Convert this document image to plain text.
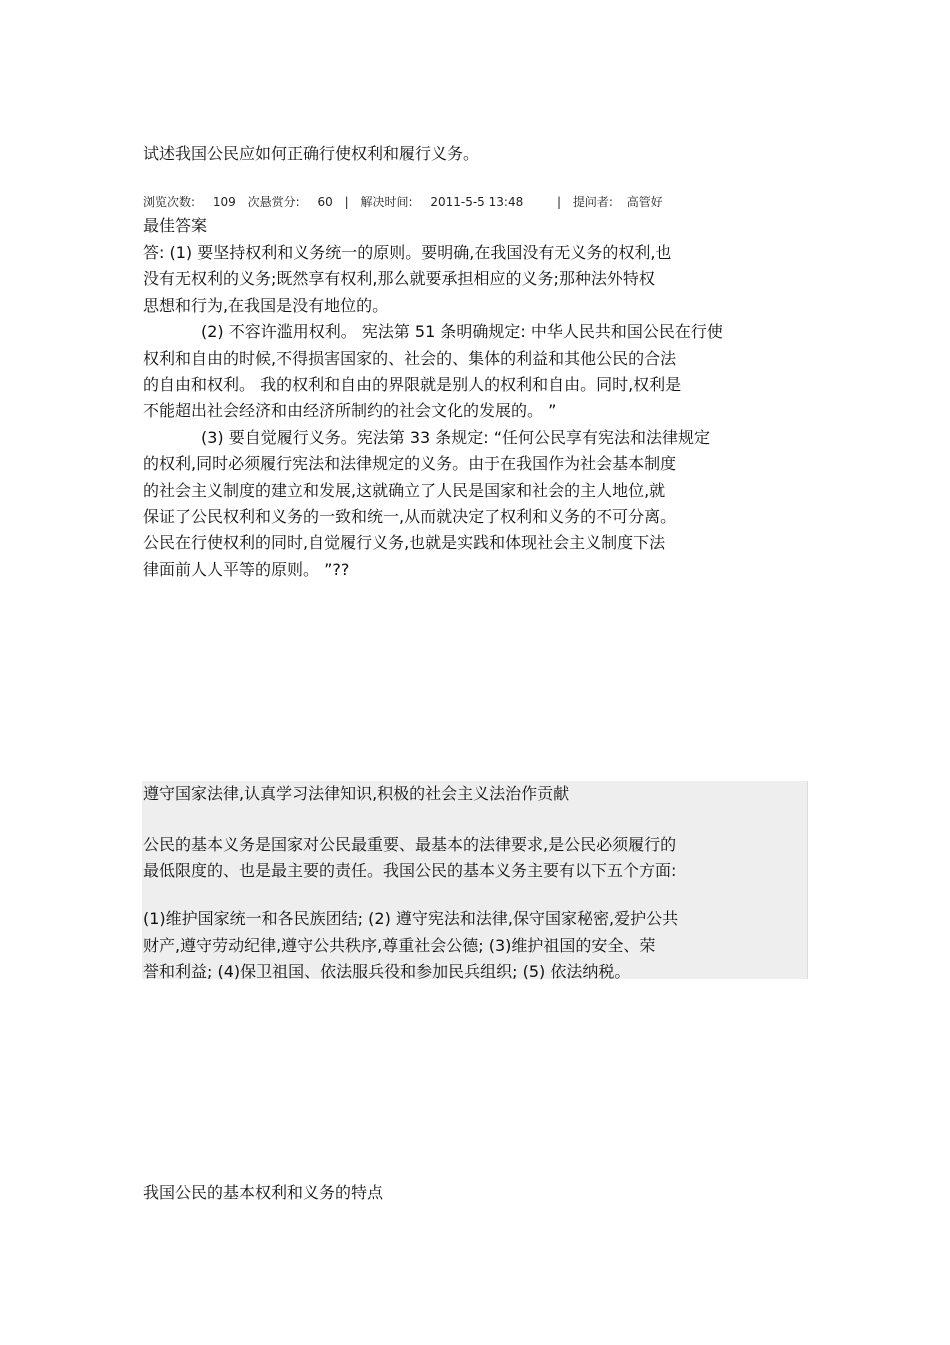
试述我国公民应如何正确行使权利和履行义务。
浏览次数: 109 次悬赏分: 60 | 解决时间: 2011-5-5 13:48	| 提问者: 高管好
最佳答案
答: (1) 要坚持权利和义务统一的原则。要明确,在我国没有无义务的权利,也
没有无权利的义务;既然享有权利,那么就要承担相应的义务;那种法外特权
思想和行为,在我国是没有地位的。
(2) 不容许滥用权利。 宪法第 51 条明确规定: 中华人民共和国公民在行使
权利和自由的时候,不得损害国家的、社会的、集体的利益和其他公民的合法
的自由和权利。 我的权利和自由的界限就是别人的权利和自由。同时,权利是
不能超出社会经济和由经济所制约的社会文化的发展的。 ”
(3) 要自觉履行义务。宪法第 33 条规定: “任何公民享有宪法和法律规定
的权利,同时必须履行宪法和法律规定的义务。由于在我国作为社会基本制度
的社会主义制度的建立和发展,这就确立了人民是国家和社会的主人地位,就
保证了公民权利和义务的一致和统一,从而就决定了权利和义务的不可分离。
公民在行使权利的同时,自觉履行义务,也就是实践和体现社会主义制度下法
律面前人人平等的原则。 ”??
遵守国家法律,认真学习法律知识,积极的社会主义法治作贡献
公民的基本义务是国家对公民最重要、最基本的法律要求,是公民必须履行的
最低限度的、也是最主要的责任。我国公民的基本义务主要有以下五个方面:
(1)维护国家统一和各民族团结; (2) 遵守宪法和法律,保守国家秘密,爱护公共
财产,遵守劳动纪律,遵守公共秩序,尊重社会公德; (3)维护祖国的安全、荣
誉和利益; (4)保卫祖国、依法服兵役和参加民兵组织; (5) 依法纳税。
我国公民的基本权利和义务的特点
